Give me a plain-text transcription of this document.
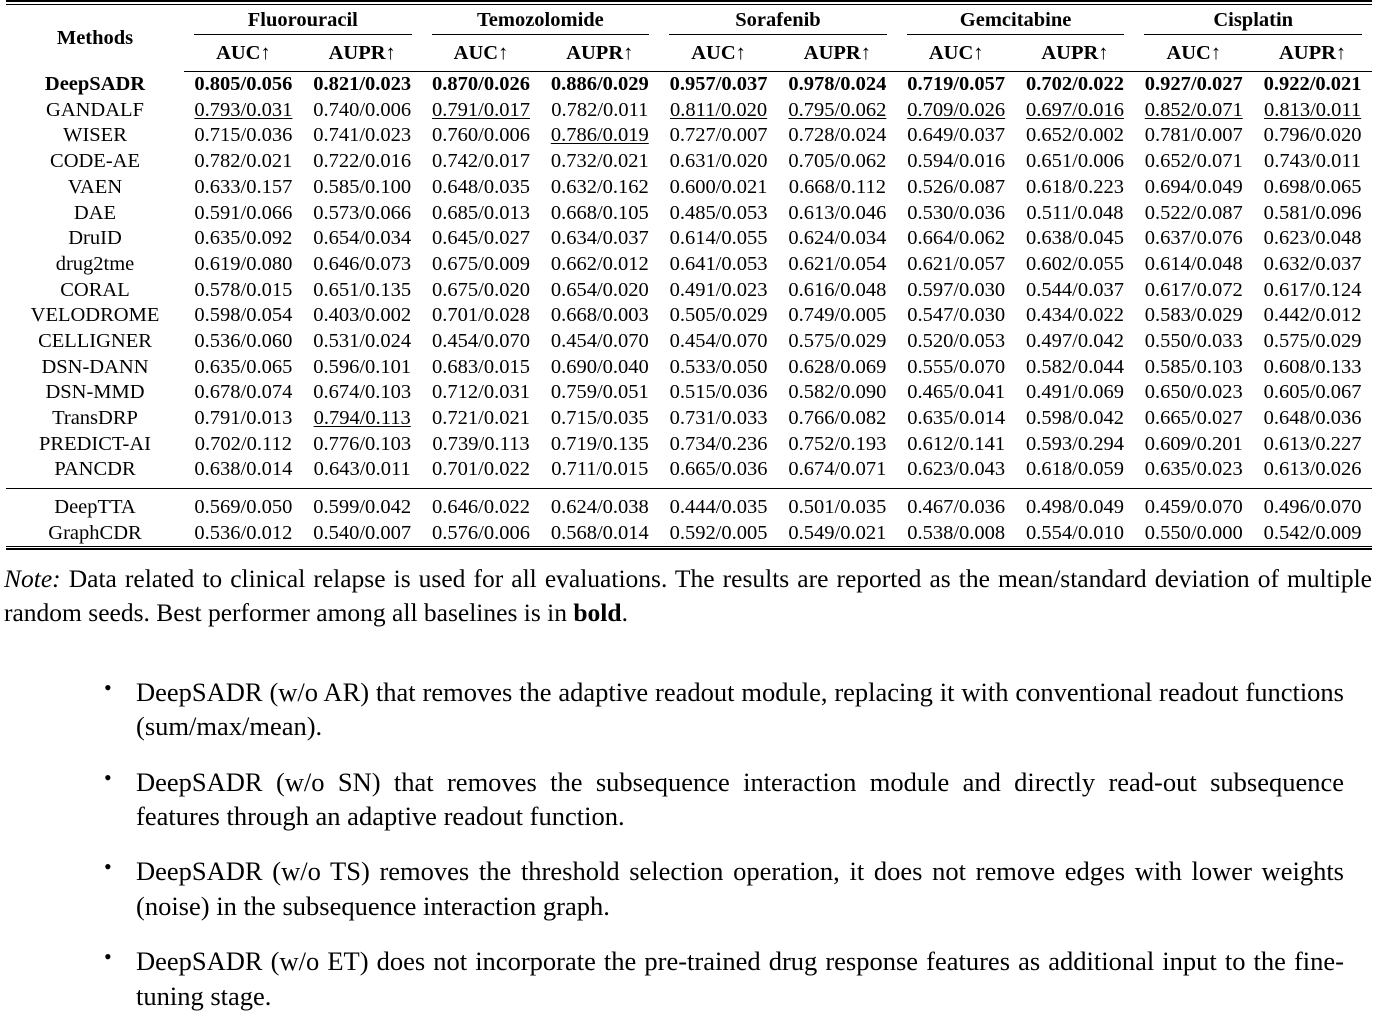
Methods	Fluorouracil		Temozolomide		Sorafenib		Gemcitabine		Cisplatin	

	AUC↑	AUPR↑	AUC↑	AUPR↑	AUC↑	AUPR↑	AUC↑	AUPR↑	AUC↑	AUPR↑
DeepSADR	0.805/0.056	0.821/0.023	0.870/0.026	0.886/0.029	0.957/0.037	0.978/0.024	0.719/0.057	0.702/0.022	0.927/0.027	0.922/0.021
GANDALF	0.793/0.031	0.740/0.006	0.791/0.017	0.782/0.011	0.811/0.020	0.795/0.062	0.709/0.026	0.697/0.016	0.852/0.071	0.813/0.011
WISER	0.715/0.036	0.741/0.023	0.760/0.006	0.786/0.019	0.727/0.007	0.728/0.024	0.649/0.037	0.652/0.002	0.781/0.007	0.796/0.020
CODE-AE	0.782/0.021	0.722/0.016	0.742/0.017	0.732/0.021	0.631/0.020	0.705/0.062	0.594/0.016	0.651/0.006	0.652/0.071	0.743/0.011
VAEN	0.633/0.157	0.585/0.100	0.648/0.035	0.632/0.162	0.600/0.021	0.668/0.112	0.526/0.087	0.618/0.223	0.694/0.049	0.698/0.065
DAE	0.591/0.066	0.573/0.066	0.685/0.013	0.668/0.105	0.485/0.053	0.613/0.046	0.530/0.036	0.511/0.048	0.522/0.087	0.581/0.096
DruID	0.635/0.092	0.654/0.034	0.645/0.027	0.634/0.037	0.614/0.055	0.624/0.034	0.664/0.062	0.638/0.045	0.637/0.076	0.623/0.048
drug2tme	0.619/0.080	0.646/0.073	0.675/0.009	0.662/0.012	0.641/0.053	0.621/0.054	0.621/0.057	0.602/0.055	0.614/0.048	0.632/0.037
CORAL	0.578/0.015	0.651/0.135	0.675/0.020	0.654/0.020	0.491/0.023	0.616/0.048	0.597/0.030	0.544/0.037	0.617/0.072	0.617/0.124
VELODROME	0.598/0.054	0.403/0.002	0.701/0.028	0.668/0.003	0.505/0.029	0.749/0.005	0.547/0.030	0.434/0.022	0.583/0.029	0.442/0.012
CELLIGNER	0.536/0.060	0.531/0.024	0.454/0.070	0.454/0.070	0.454/0.070	0.575/0.029	0.520/0.053	0.497/0.042	0.550/0.033	0.575/0.029
DSN-DANN	0.635/0.065	0.596/0.101	0.683/0.015	0.690/0.040	0.533/0.050	0.628/0.069	0.555/0.070	0.582/0.044	0.585/0.103	0.608/0.133
DSN-MMD	0.678/0.074	0.674/0.103	0.712/0.031	0.759/0.051	0.515/0.036	0.582/0.090	0.465/0.041	0.491/0.069	0.650/0.023	0.605/0.067
TransDRP	0.791/0.013	0.794/0.113	0.721/0.021	0.715/0.035	0.731/0.033	0.766/0.082	0.635/0.014	0.598/0.042	0.665/0.027	0.648/0.036
PREDICT-AI	0.702/0.112	0.776/0.103	0.739/0.113	0.719/0.135	0.734/0.236	0.752/0.193	0.612/0.141	0.593/0.294	0.609/0.201	0.613/0.227
PANCDR	0.638/0.014	0.643/0.011	0.701/0.022	0.711/0.015	0.665/0.036	0.674/0.071	0.623/0.043	0.618/0.059	0.635/0.023	0.613/0.026

DeepTTA	0.569/0.050	0.599/0.042	0.646/0.022	0.624/0.038	0.444/0.035	0.501/0.035	0.467/0.036	0.498/0.049	0.459/0.070	0.496/0.070
GraphCDR	0.536/0.012	0.540/0.007	0.576/0.006	0.568/0.014	0.592/0.005	0.549/0.021	0.538/0.008	0.554/0.010	0.550/0.000	0.542/0.009

Note: Data related to clinical relapse is used for all evaluations. The results are reported as the mean/standard deviation of multiple random seeds. Best performer among all baselines is in bold.

• DeepSADR (w/o AR) that removes the adaptive readout module, replacing it with conventional readout functions (sum/max/mean).
• DeepSADR (w/o SN) that removes the subsequence interaction module and directly read-out subsequence features through an adaptive readout function.
• DeepSADR (w/o TS) removes the threshold selection operation, it does not remove edges with lower weights (noise) in the subsequence interaction graph.
• DeepSADR (w/o ET) does not incorporate the pre-trained drug response features as additional input to the fine-tuning stage.
